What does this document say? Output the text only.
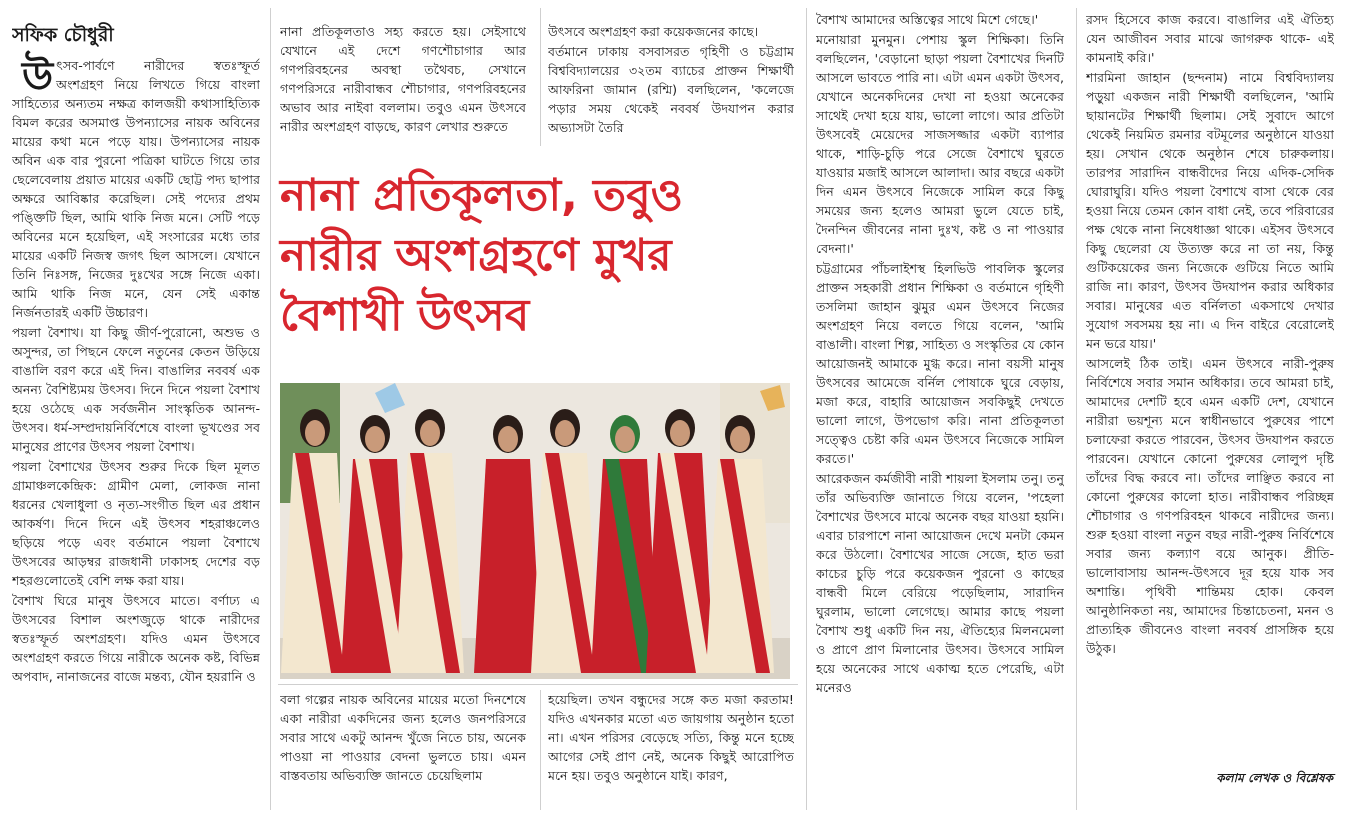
সফিক চৌধুরী

উৎসব-পার্বণে নারীদের স্বতঃস্ফূর্ত অংশগ্রহণ নিয়ে লিখতে গিয়ে বাংলা সাহিত্যের অন্যতম নক্ষত্র কালজয়ী কথাসাহিত্যিক বিমল করের অসমাপ্ত উপন্যাসের নায়ক অবিনের মায়ের কথা মনে পড়ে যায়। উপন্যাসের নায়ক অবিন এক বার পুরনো পত্রিকা ঘাটতে গিয়ে তার ছেলেবেলায় প্রয়াত মায়ের একটি ছোট্ট পদ্য ছাপার অক্ষরে আবিষ্কার করেছিল। সেই পদ্যের প্রথম পঙ্ক্তিটি ছিল, আমি থাকি নিজ মনে। সেটি পড়ে অবিনের মনে হয়েছিল, এই সংসারের মধ্যে তার মায়ের একটি নিজস্ব জগৎ ছিল আসলে। যেখানে তিনি নিঃসঙ্গ, নিজের দুঃখের সঙ্গে নিজে একা। আমি থাকি নিজ মনে, যেন সেই একান্ত নির্জনতারই একটি উচ্চারণ।

পয়লা বৈশাখ। যা কিছু জীর্ণ-পুরোনো, অশুভ ও অসুন্দর, তা পিছনে ফেলে নতুনের কেতন উড়িয়ে বাঙালি বরণ করে এই দিন। বাঙালির নববর্ষ এক অনন্য বৈশিষ্ট্যময় উৎসব। দিনে দিনে পয়লা বৈশাখ হয়ে ওঠেছে এক সর্বজনীন সাংস্কৃতিক আনন্দ-উৎসব। ধর্ম-সম্প্রদায়নির্বিশেষে বাংলা ভূখণ্ডের সব মানুষের প্রাণের উৎসব পয়লা বৈশাখ।

পয়লা বৈশাখের উৎসব শুরুর দিকে ছিল মূলত গ্রামাঞ্চলকেন্দ্রিক: গ্রামীণ মেলা, লোকজ নানা ধরনের খেলাধুলা ও নৃত্য-সংগীত ছিল এর প্রধান আকর্ষণ। দিনে দিনে এই উৎসব শহরাঞ্চলেও ছড়িয়ে পড়ে এবং বর্তমানে পয়লা বৈশাখে উৎসবের আড়ম্বর রাজধানী ঢাকাসহ দেশের বড় শহরগুলোতেই বেশি লক্ষ করা যায়।

বৈশাখ ঘিরে মানুষ উৎসবে মাতে। বর্ণাঢ্য এ উৎসবের বিশাল অংশজুড়ে থাকে নারীদের স্বতঃস্ফূর্ত অংশগ্রহণ। যদিও এমন উৎসবে অংশগ্রহণ করতে গিয়ে নারীকে অনেক কষ্ট, বিভিন্ন অপবাদ, নানাজনের বাজে মন্তব্য, যৌন হয়রানি ও

নানা প্রতিকূলতাও সহ্য করতে হয়। সেইসাথে যেখানে এই দেশে গণশৌচাগার আর গণপরিবহনের অবস্থা তথৈবচ, সেখানে গণপরিসরে নারীবান্ধব শৌচাগার, গণপরিবহনের অভাব আর নাইবা বললাম। তবুও এমন উৎসবে নারীর অংশগ্রহণ বাড়ছে, কারণ লেখার শুরুতে

উৎসবে অংশগ্রহণ করা কয়েকজনের কাছে।

বর্তমানে ঢাকায় বসবাসরত গৃহিণী ও চট্টগ্রাম বিশ্ববিদ্যালয়ের ৩২তম ব্যাচের প্রাক্তন শিক্ষার্থী আফরিনা জামান (রশ্মি) বলছিলেন, 'কলেজে পড়ার সময় থেকেই নববর্ষ উদযাপন করার অভ্যাসটা তৈরি

নানা প্রতিকূলতা, তবুও
নারীর অংশগ্রহণে মুখর
বৈশাখী উৎসব

বলা গল্পের নায়ক অবিনের মায়ের মতো দিনশেষে একা নারীরা একদিনের জন্য হলেও জনপরিসরে সবার সাথে একটু আনন্দ খুঁজে নিতে চায়, অনেক পাওয়া না পাওয়ার বেদনা ভুলতে চায়। এমন বাস্তবতায় অভিব্যক্তি জানতে চেয়েছিলাম

হয়েছিল। তখন বন্ধুদের সঙ্গে কত মজা করতাম! যদিও এখনকার মতো এত জায়গায় অনুষ্ঠান হতো না। এখন পরিসর বেড়েছে সত্যি, কিন্তু মনে হচ্ছে আগের সেই প্রাণ নেই, অনেক কিছুই আরোপিত মনে হয়। তবুও অনুষ্ঠানে যাই। কারণ,

বৈশাখ আমাদের অস্তিত্বের সাথে মিশে গেছে।'

মনোয়ারা মুনমুন। পেশায় স্কুল শিক্ষিকা। তিনি বলছিলেন, 'বেড়ানো ছাড়া পয়লা বৈশাখের দিনটি আসলে ভাবতে পারি না। এটা এমন একটা উৎসব, যেখানে অনেকদিনের দেখা না হওয়া অনেকের সাথেই দেখা হয়ে যায়, ভালো লাগে। আর প্রতিটা উৎসবেই মেয়েদের সাজসজ্জার একটা ব্যাপার থাকে, শাড়ি-চুড়ি পরে সেজে বৈশাখে ঘুরতে যাওয়ার মজাই আসলে আলাদা। আর বছরে একটা দিন এমন উৎসবে নিজেকে সামিল করে কিছু সময়ের জন্য হলেও আমরা ভুলে যেতে চাই, দৈনন্দিন জীবনের নানা দুঃখ, কষ্ট ও না পাওয়ার বেদনা।'

চট্টগ্রামের পাঁচলাইশস্থ হিলভিউ পাবলিক স্কুলের প্রাক্তন সহকারী প্রধান শিক্ষিকা ও বর্তমানে গৃহিণী তসলিমা জাহান ঝুমুর এমন উৎসবে নিজের অংশগ্রহণ নিয়ে বলতে গিয়ে বলেন, 'আমি বাঙালী। বাংলা শিল্প, সাহিত্য ও সংস্কৃতির যে কোন আয়োজনই আমাকে মুগ্ধ করে। নানা বয়সী মানুষ উৎসবের আমেজে বর্নিল পোষাকে ঘুরে বেড়ায়, মজা করে, বাহারি আয়োজন সবকিছুই দেখতে ভালো লাগে, উপভোগ করি। নানা প্রতিকূলতা সত্ত্বেও চেষ্টা করি এমন উৎসবে নিজেকে সামিল করতে।'

আরেকজন কর্মজীবী নারী শায়লা ইসলাম তনু। তনু তাঁর অভিব্যক্তি জানাতে গিয়ে বলেন, 'পহেলা বৈশাখের উৎসবে মাঝে অনেক বছর যাওয়া হয়নি। এবার চারপাশে নানা আয়োজন দেখে মনটা কেমন করে উঠলো। বৈশাখের সাজে সেজে, হাত ভরা কাচের চুড়ি পরে কয়েকজন পুরনো ও কাছের বান্ধবী মিলে বেরিয়ে পড়েছিলাম, সারাদিন ঘুরলাম, ভালো লেগেছে। আমার কাছে পয়লা বৈশাখ শুধু একটি দিন নয়, ঐতিহ্যের মিলনমেলা ও প্রাণে প্রাণ মিলানোর উৎসব। উৎসবে সামিল হয়ে অনেকের সাথে একাত্ম হতে পেরেছি, এটা মনেরও

রসদ হিসেবে কাজ করবে। বাঙালির এই ঐতিহ্য যেন আজীবন সবার মাঝে জাগরুক থাকে- এই কামনাই করি।'

শারমিনা জাহান (ছন্দনাম) নামে বিশ্ববিদ্যালয় পড়ুয়া একজন নারী শিক্ষার্থী বলছিলেন, 'আমি ছায়ানটের শিক্ষার্থী ছিলাম। সেই সুবাদে আগে থেকেই নিয়মিত রমনার বটমূলের অনুষ্ঠানে যাওয়া হয়। সেখান থেকে অনুষ্ঠান শেষে চারুকলায়। তারপর সারাদিন বান্ধবীদের নিয়ে এদিক-সেদিক ঘোরাঘুরি। যদিও পয়লা বৈশাখে বাসা থেকে বের হওয়া নিয়ে তেমন কোন বাধা নেই, তবে পরিবারের পক্ষ থেকে নানা নিষেধাজ্ঞা থাকে। এইসব উৎসবে কিছু ছেলেরা যে উত্যক্ত করে না তা নয়, কিন্তু গুটিকয়েকের জন্য নিজেকে গুটিয়ে নিতে আমি রাজি না। কারণ, উৎসব উদযাপন করার অধিকার সবার। মানুষের এত বর্নিলতা একসাথে দেখার সুযোগ সবসময় হয় না। এ দিন বাইরে বেরোলেই মন ভরে যায়।'

আসলেই ঠিক তাই। এমন উৎসবে নারী-পুরুষ নির্বিশেষে সবার সমান অধিকার। তবে আমরা চাই, আমাদের দেশটি হবে এমন একটি দেশ, যেখানে নারীরা ভয়শূন্য মনে স্বাধীনভাবে পুরুষের পাশে চলাফেরা করতে পারবেন, উৎসব উদযাপন করতে পারবেন। যেখানে কোনো পুরুষের লোলুপ দৃষ্টি তাঁদের বিদ্ধ করবে না। তাঁদের লাঞ্ছিত করবে না কোনো পুরুষের কালো হাত। নারীবান্ধব পরিচ্ছন্ন শৌচাগার ও গণপরিবহন থাকবে নারীদের জন্য। শুরু হওয়া বাংলা নতুন বছর নারী-পুরুষ নির্বিশেষে সবার জন্য কল্যাণ বয়ে আনুক। প্রীতি-ভালোবাসায় আনন্দ-উৎসবে দূর হয়ে যাক সব অশান্তি। পৃথিবী শান্তিময় হোক। কেবল আনুষ্ঠানিকতা নয়, আমাদের চিন্তাচেতনা, মনন ও প্রাত্যহিক জীবনেও বাংলা নববর্ষ প্রাসঙ্গিক হয়ে উঠুক।

কলাম লেখক ও বিশ্লেষক
